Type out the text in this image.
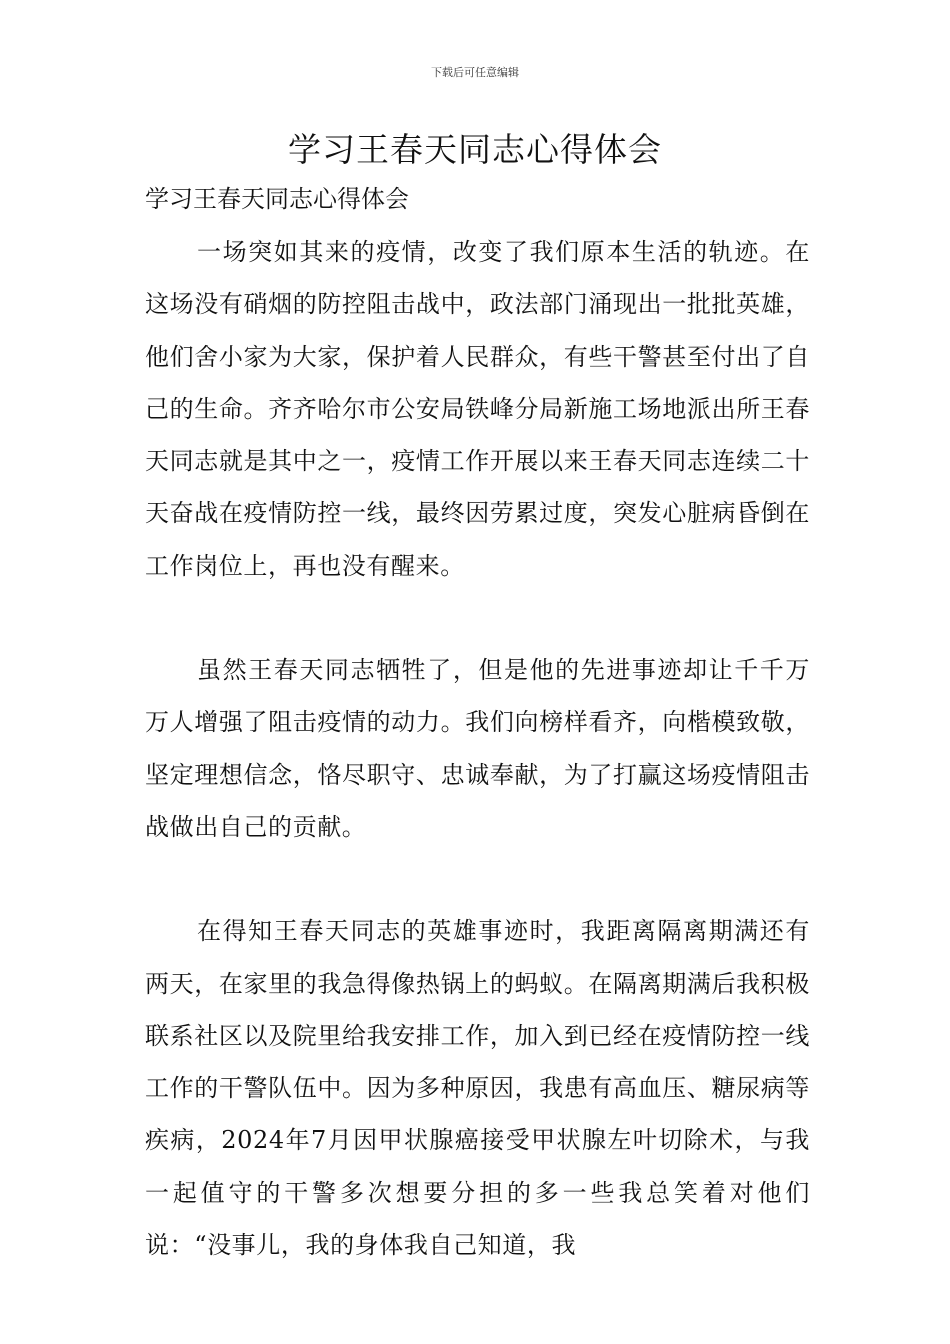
下载后可任意编辑
学习王春天同志心得体会

学习王春天同志心得体会

一场突如其来的疫情，改变了我们原本生活的轨迹。在这场没有硝烟的防控阻击战中，政法部门涌现出一批批英雄，他们舍小家为大家，保护着人民群众，有些干警甚至付出了自己的生命。齐齐哈尔市公安局铁峰分局新施工场地派出所王春天同志就是其中之一，疫情工作开展以来王春天同志连续二十天奋战在疫情防控一线，最终因劳累过度，突发心脏病昏倒在工作岗位上，再也没有醒来。

虽然王春天同志牺牲了，但是他的先进事迹却让千千万万人增强了阻击疫情的动力。我们向榜样看齐，向楷模致敬，坚定理想信念，恪尽职守、忠诚奉献，为了打赢这场疫情阻击战做出自己的贡献。

在得知王春天同志的英雄事迹时，我距离隔离期满还有两天，在家里的我急得像热锅上的蚂蚁。在隔离期满后我积极联系社区以及院里给我安排工作，加入到已经在疫情防控一线工作的干警队伍中。因为多种原因，我患有高血压、糖尿病等疾病，2024年7月因甲状腺癌接受甲状腺左叶切除术，与我一起值守的干警多次想要分担的多一些我总笑着对他们说：“没事儿，我的身体我自己知道，我
